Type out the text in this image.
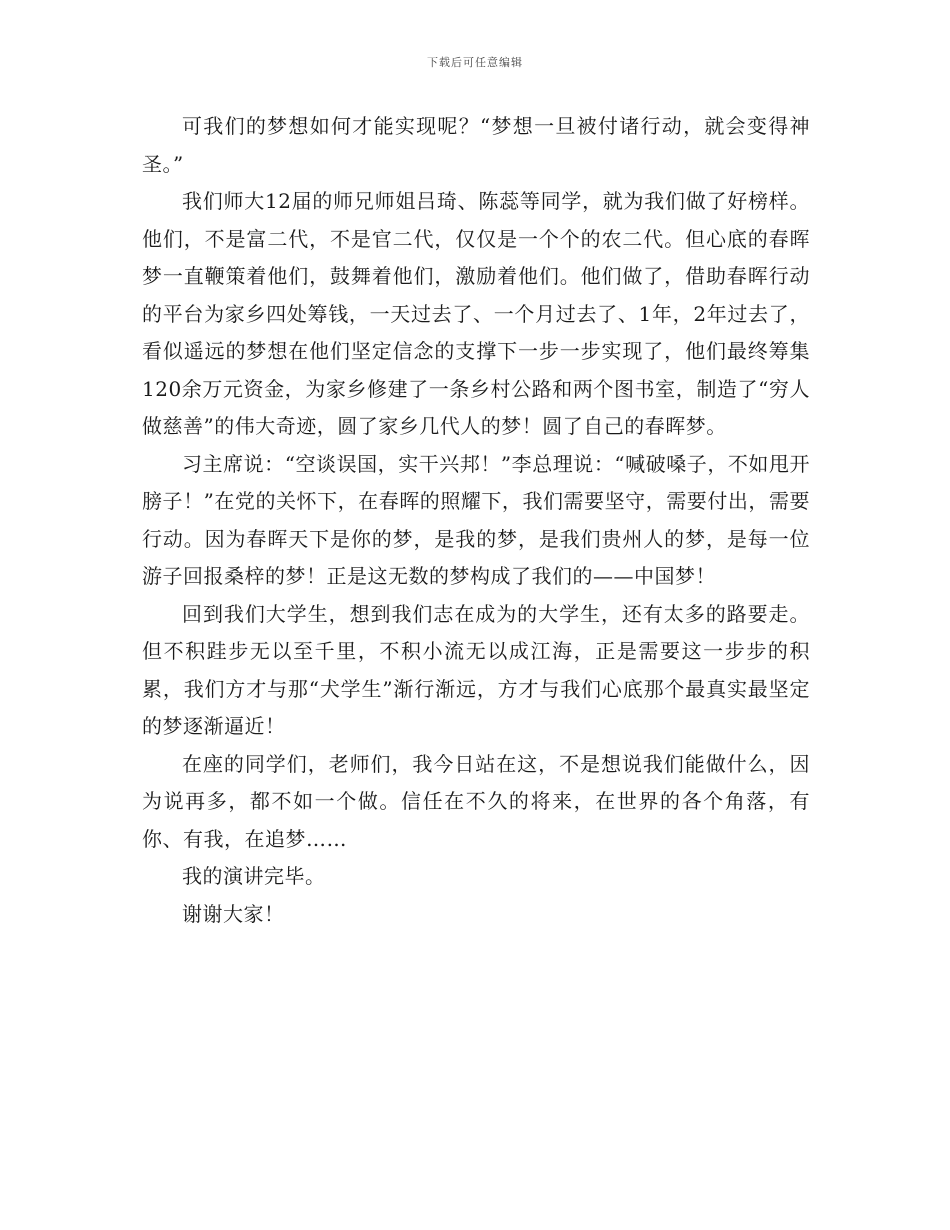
下载后可任意编辑

可我们的梦想如何才能实现呢？“梦想一旦被付诸行动，就会变得神圣。”

我们师大12届的师兄师姐吕琦、陈蕊等同学，就为我们做了好榜样。他们，不是富二代，不是官二代，仅仅是一个个的农二代。但心底的春晖梦一直鞭策着他们，鼓舞着他们，激励着他们。他们做了，借助春晖行动的平台为家乡四处筹钱，一天过去了、一个月过去了、1年，2年过去了，看似遥远的梦想在他们坚定信念的支撑下一步一步实现了，他们最终筹集120余万元资金，为家乡修建了一条乡村公路和两个图书室，制造了“穷人做慈善”的伟大奇迹，圆了家乡几代人的梦！圆了自己的春晖梦。

习主席说：“空谈误国，实干兴邦！”李总理说：“喊破嗓子，不如甩开膀子！”在党的关怀下，在春晖的照耀下，我们需要坚守，需要付出，需要行动。因为春晖天下是你的梦，是我的梦，是我们贵州人的梦，是每一位游子回报桑梓的梦！正是这无数的梦构成了我们的——中国梦！

回到我们大学生，想到我们志在成为的大学生，还有太多的路要走。但不积跬步无以至千里，不积小流无以成江海，正是需要这一步步的积累，我们方才与那“犬学生”渐行渐远，方才与我们心底那个最真实最坚定的梦逐渐逼近！

在座的同学们，老师们，我今日站在这，不是想说我们能做什么，因为说再多，都不如一个做。信任在不久的将来，在世界的各个角落，有你、有我，在追梦……

我的演讲完毕。

谢谢大家！
